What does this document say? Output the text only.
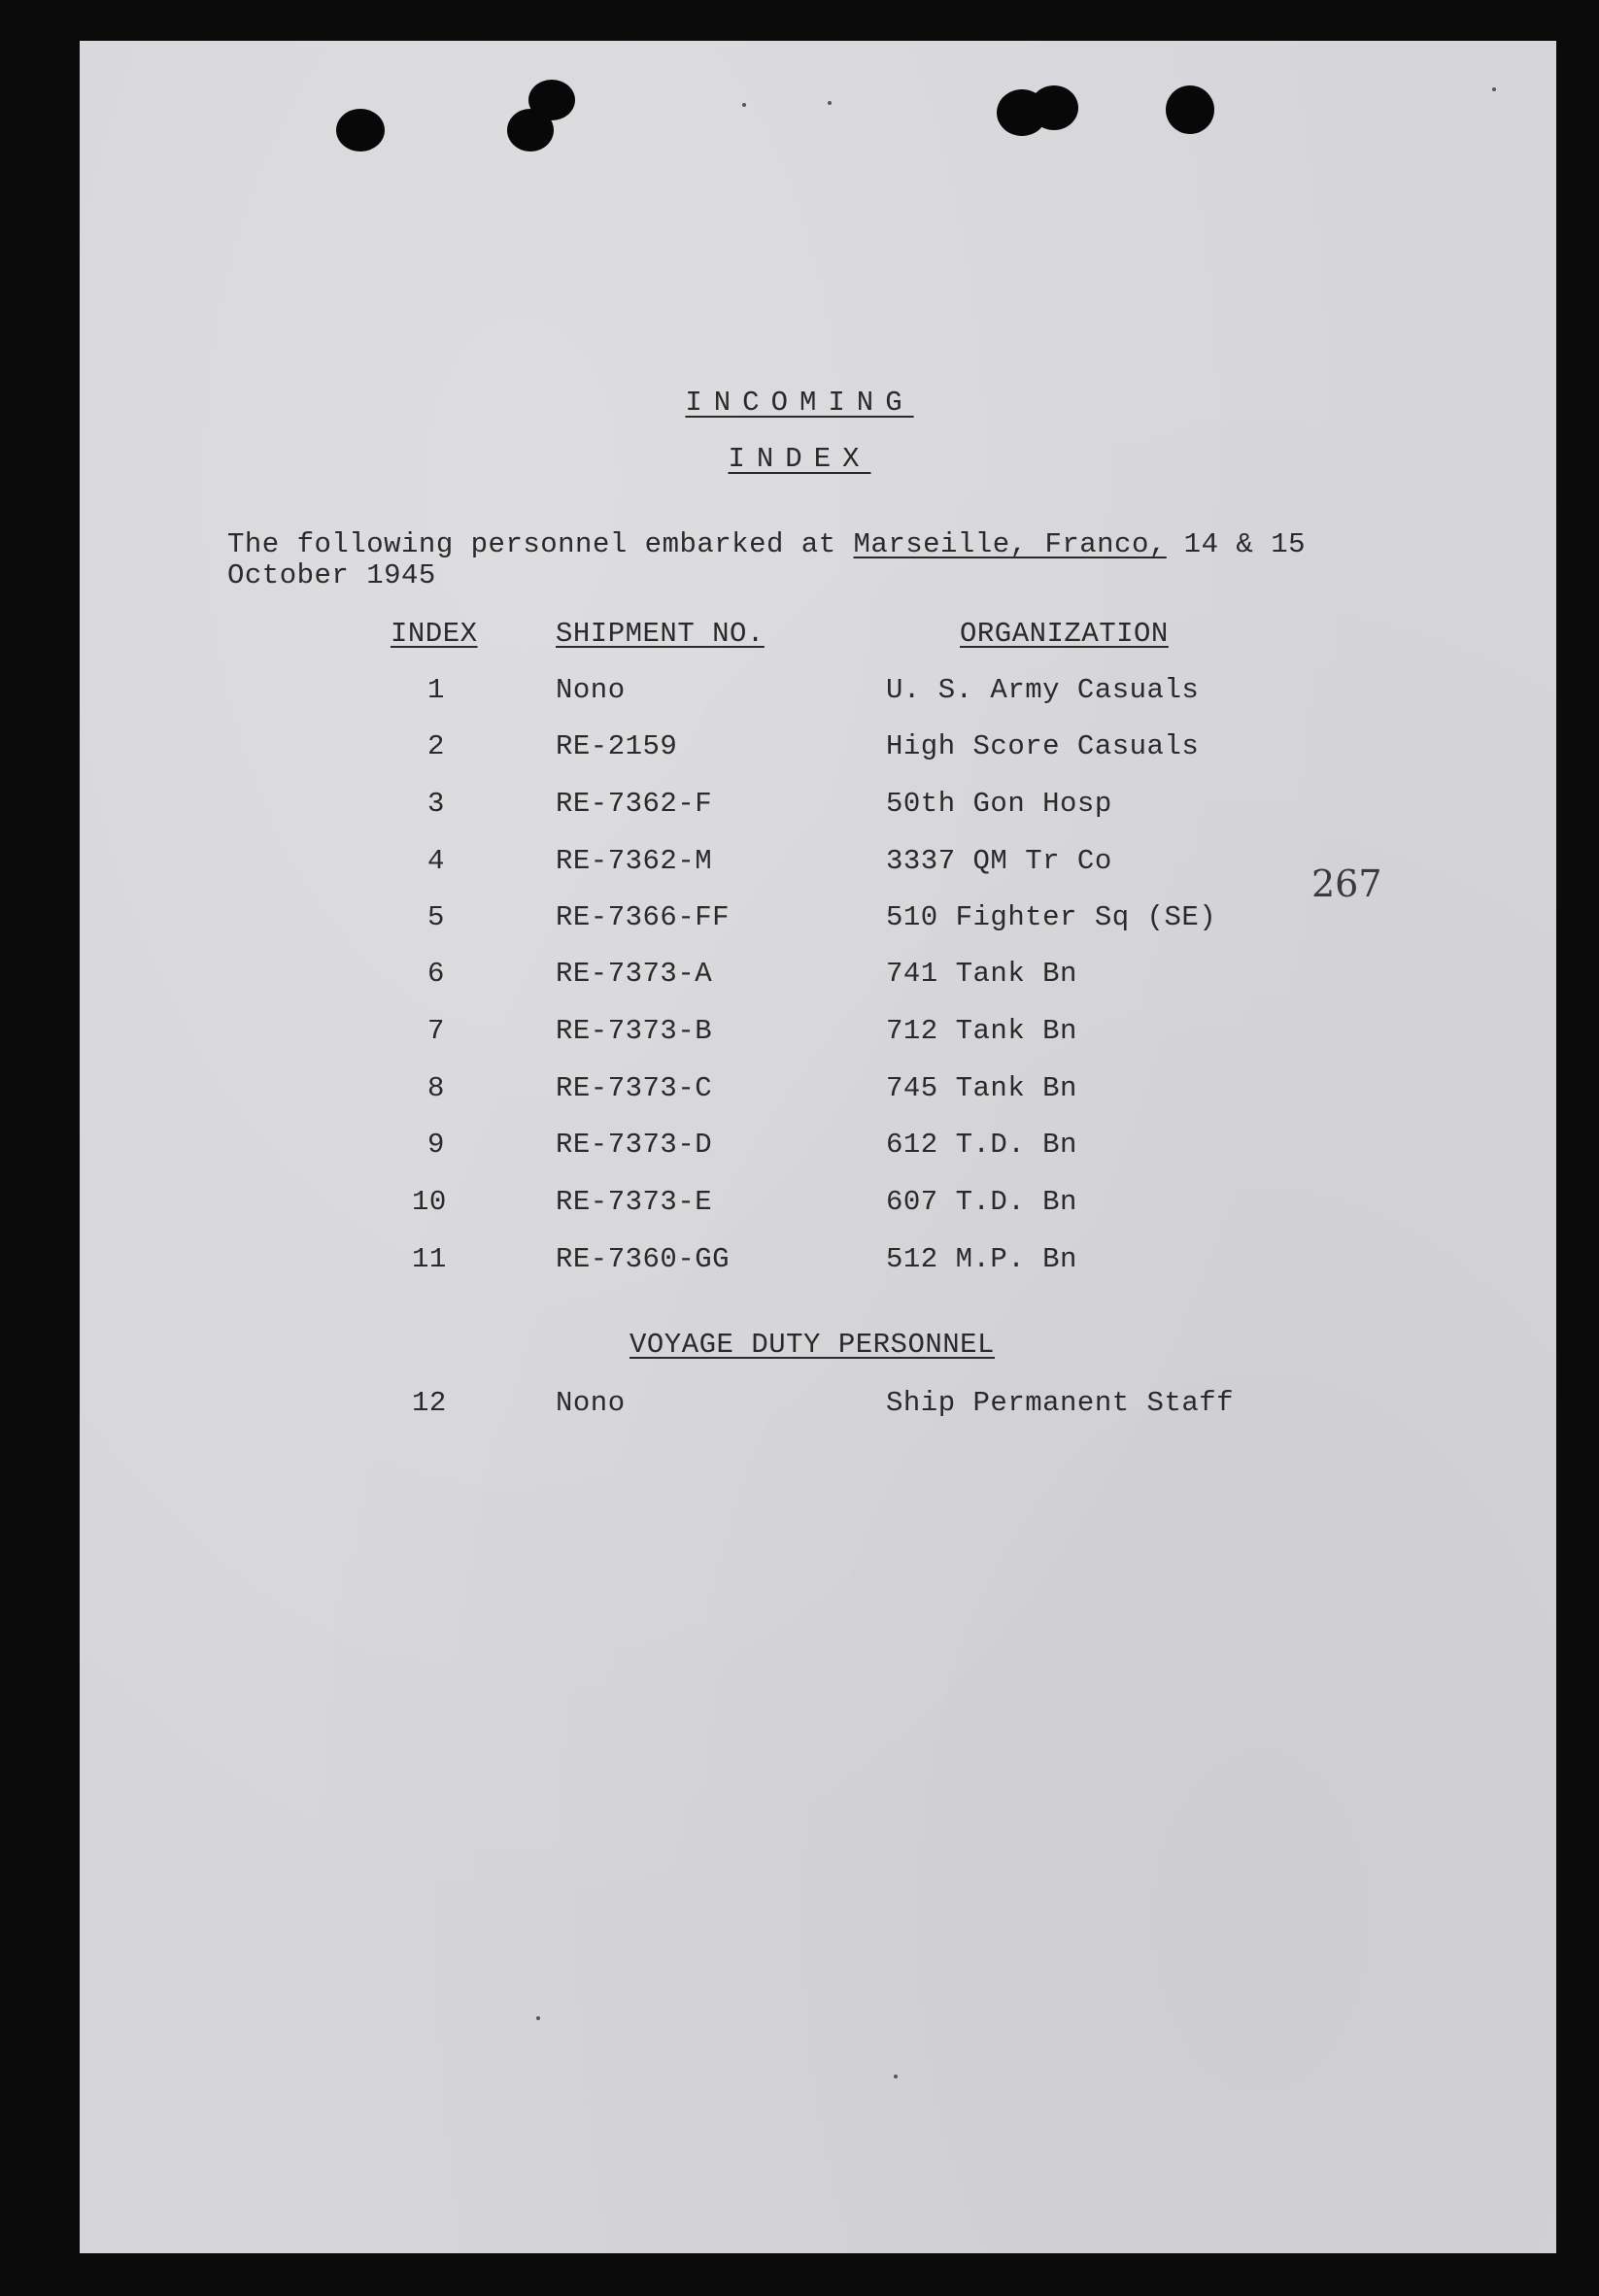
INCOMING
INDEX
The following personnel embarked at Marseille, Franco, 14 & 15
October 1945
INDEX	SHIPMENT NO.	ORGANIZATION
1	Nono	U. S. Army Casuals
2	RE-2159	High Score Casuals
3	RE-7362-F	50th Gon Hosp
4	RE-7362-M	3337 QM Tr Co
5	RE-7366-FF	510 Fighter Sq (SE)
6	RE-7373-A	741 Tank Bn
7	RE-7373-B	712 Tank Bn
8	RE-7373-C	745 Tank Bn
9	RE-7373-D	612 T.D. Bn
10	RE-7373-E	607 T.D. Bn
11	RE-7360-GG	512 M.P. Bn
VOYAGE DUTY PERSONNEL
12	Nono	Ship Permanent Staff
267
